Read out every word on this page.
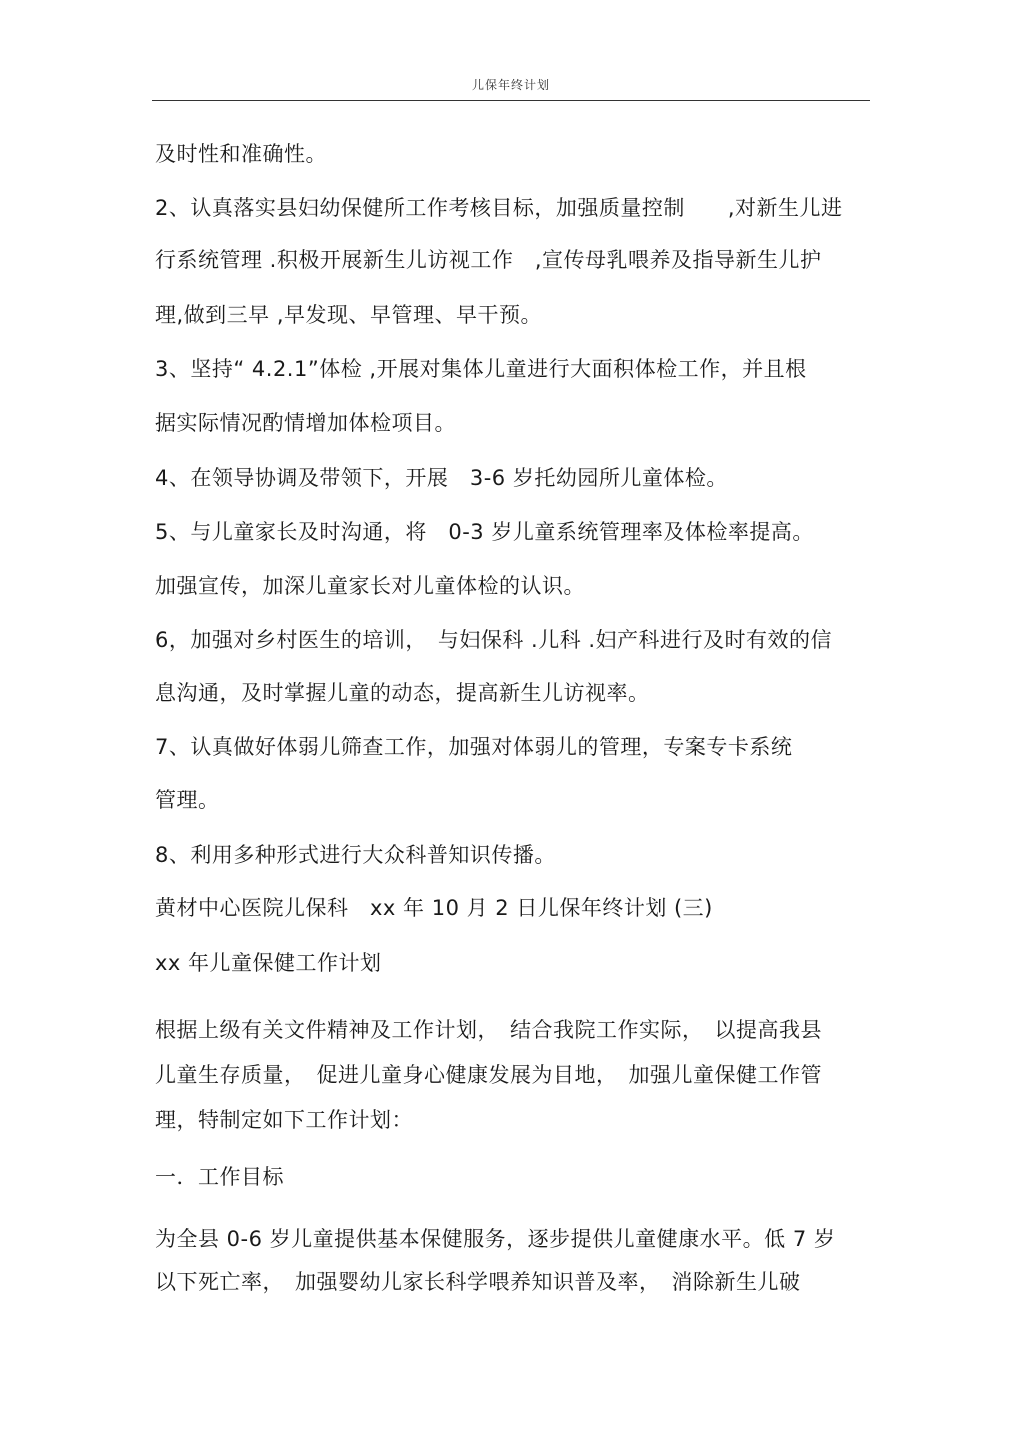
儿保年终计划
及时性和准确性。
2、认真落实县妇幼保健所工作考核目标，加强质量控制　　,对新生儿进
行系统管理 .积极开展新生儿访视工作　,宣传母乳喂养及指导新生儿护
理,做到三早 ,早发现、早管理、早干预。
3、坚持“ 4.2.1”体检 ,开展对集体儿童进行大面积体检工作，并且根
据实际情况酌情增加体检项目。
4、在领导协调及带领下，开展　3-6 岁托幼园所儿童体检。
5、与儿童家长及时沟通，将　0-3 岁儿童系统管理率及体检率提高。
加强宣传，加深儿童家长对儿童体检的认识。
6，加强对乡村医生的培训，　与妇保科 .儿科 .妇产科进行及时有效的信
息沟通，及时掌握儿童的动态，提高新生儿访视率。
7、认真做好体弱儿筛查工作，加强对体弱儿的管理，专案专卡系统
管理。
8、利用多种形式进行大众科普知识传播。
黄材中心医院儿保科　xx 年 10 月 2 日儿保年终计划 (三)
xx 年儿童保健工作计划
根据上级有关文件精神及工作计划，　结合我院工作实际，　以提高我县
儿童生存质量，　促进儿童身心健康发展为目地，　加强儿童保健工作管
理，特制定如下工作计划：
一．工作目标
为全县 0-6 岁儿童提供基本保健服务，逐步提供儿童健康水平。低 7 岁
以下死亡率，　加强婴幼儿家长科学喂养知识普及率，　消除新生儿破
